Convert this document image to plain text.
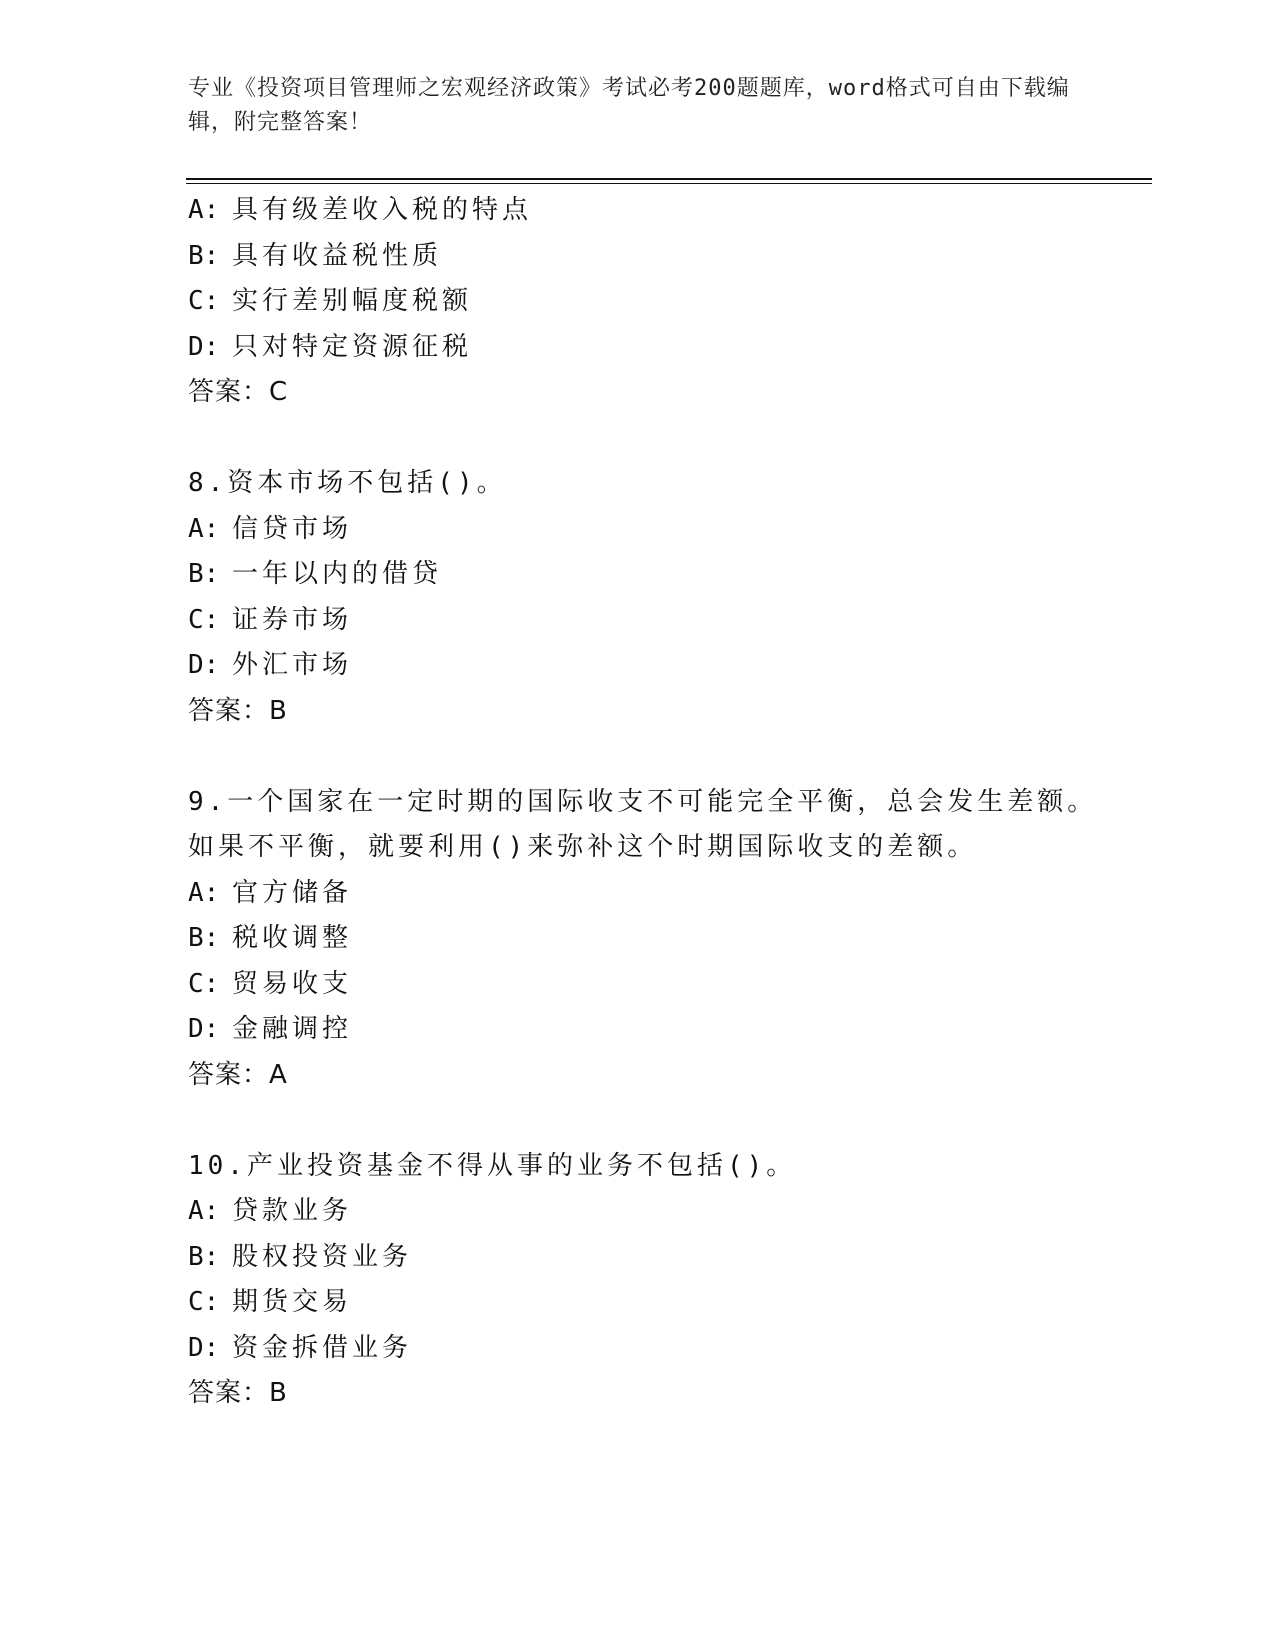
专业《投资项目管理师之宏观经济政策》考试必考200题题库，word格式可自由下载编辑，附完整答案！
A: 具有级差收入税的特点
B: 具有收益税性质
C: 实行差别幅度税额
D: 只对特定资源征税
答案：C
8.资本市场不包括()。
A: 信贷市场
B: 一年以内的借贷
C: 证券市场
D: 外汇市场
答案：B
9.一个国家在一定时期的国际收支不可能完全平衡，总会发生差额。
如果不平衡，就要利用()来弥补这个时期国际收支的差额。
A: 官方储备
B: 税收调整
C: 贸易收支
D: 金融调控
答案：A
10.产业投资基金不得从事的业务不包括()。
A: 贷款业务
B: 股权投资业务
C: 期货交易
D: 资金拆借业务
答案：B
